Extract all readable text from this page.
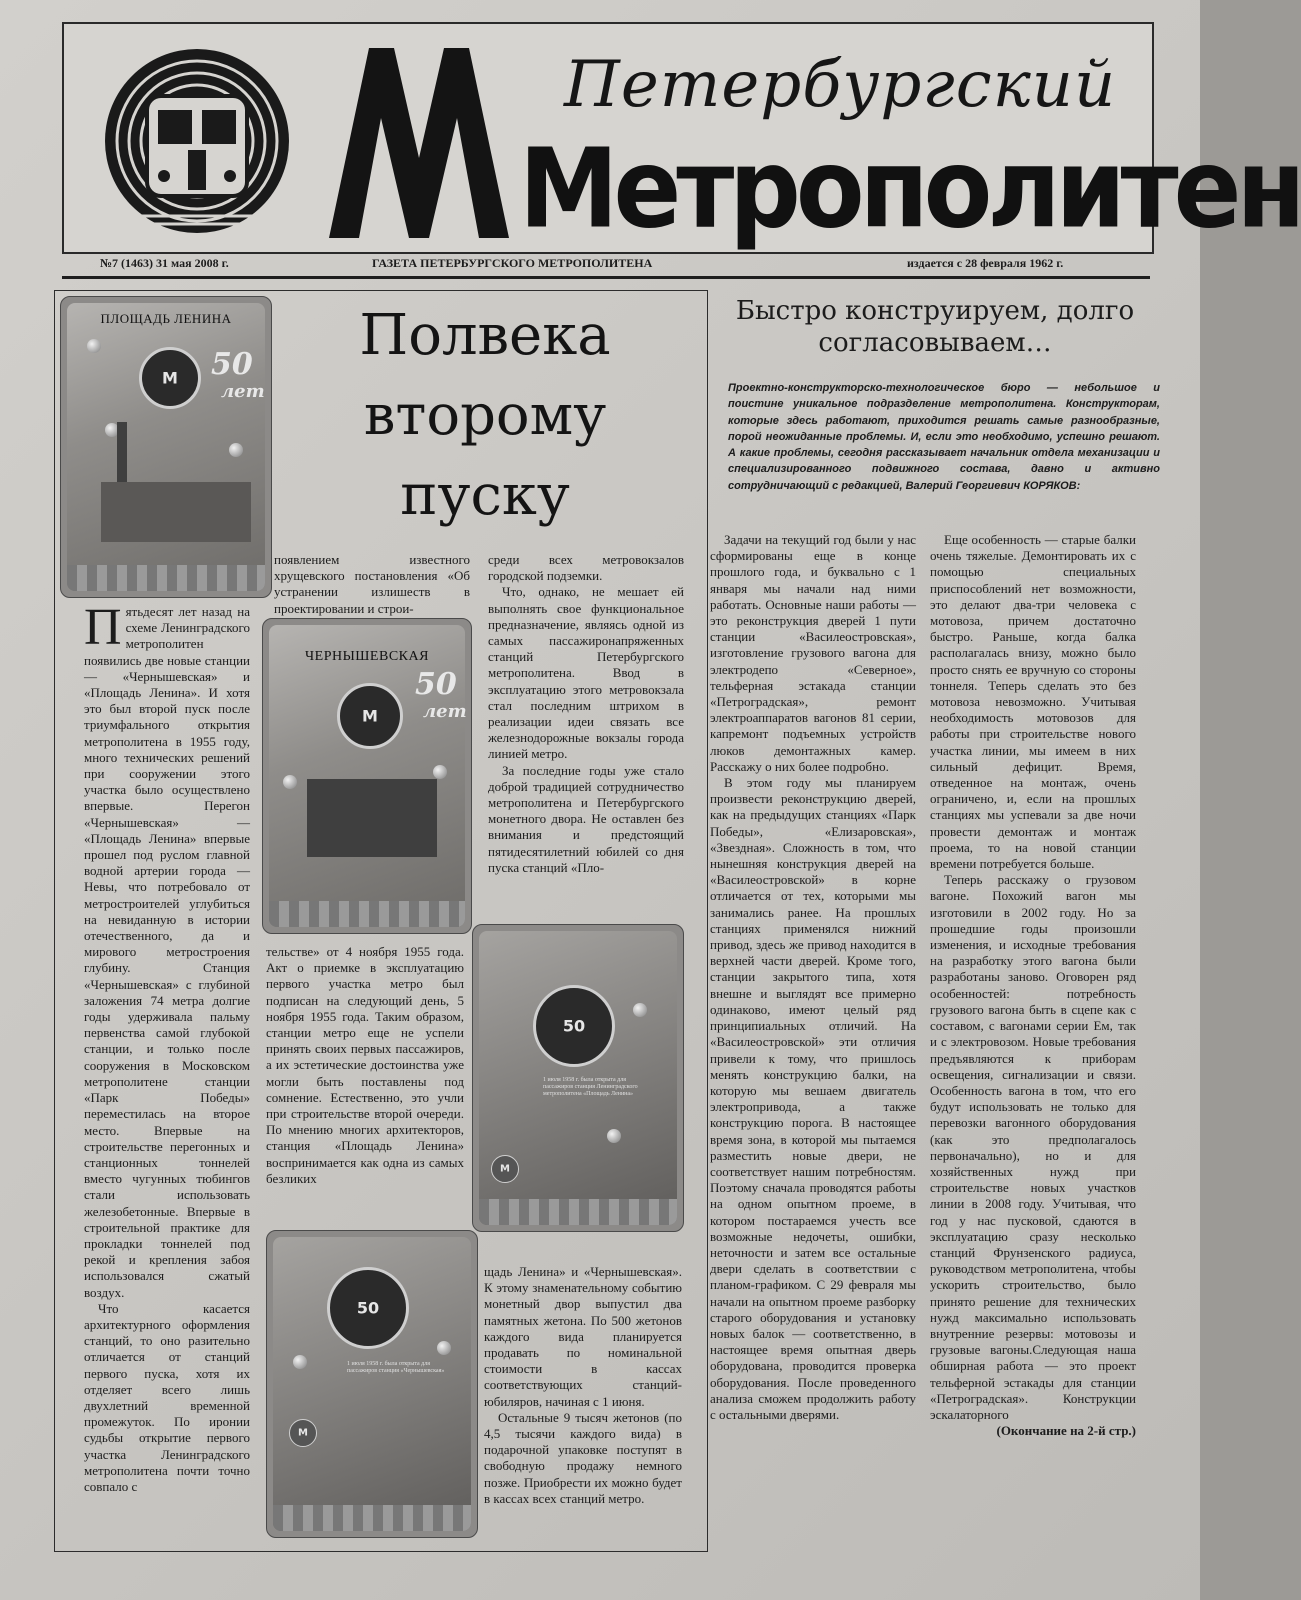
Петербургский
Метрополитен
№7 (1463) 31 мая 2008 г.	ГАЗЕТА ПЕТЕРБУРГСКОГО МЕТРОПОЛИТЕНА	издается с 28 февраля 1962 г.
Полвека второму пуску
ПЛОЩАДЬ ЛЕНИНА
М	50
лет
ЧЕРНЫШЕВСКАЯ
М
50
лет
50
1 июля 1958 г. была открыта для пассажиров станция Ленинградского метрополитена «Площадь Ленина»
М
50
1 июля 1958 г. была открыта для пассажиров станция «Чернышевская»
М

Пятьдесят лет назад на схеме Ленинградского метрополитен появились две новые станции — «Чернышевская» и «Площадь Ленина». И хотя это был второй пуск после триумфального открытия метрополитена в 1955 году, много технических решений при сооружении этого участка было осуществлено впервые. Перегон «Чернышевская» — «Площадь Ленина» впервые прошел под руслом главной водной артерии города — Невы, что потребовало от метростроителей углубиться на невиданную в истории отечественного, да и мирового метростроения глубину. Станция «Чернышевская» с глубиной заложения 74 метра долгие годы удерживала пальму первенства самой глубокой станции, и только после сооружения в Московском метрополитене станции «Парк Победы» переместилась на второе место. Впервые на строительстве перегонных и станционных тоннелей вместо чугунных тюбингов стали использовать железобетонные. Впервые в строительной практике для прокладки тоннелей под рекой и крепления забоя использовался сжатый воздух.

Что касается архитектурного оформления станций, то оно разительно отличается от станций первого пуска, хотя их отделяет всего лишь двухлетний временной промежуток. По иронии судьбы открытие первого участка Ленинградского метрополитена почти точно совпало с

появлением известного хрущевского постановления «Об устранении излишеств в проектировании и строи-

тельстве» от 4 ноября 1955 года. Акт о приемке в эксплуатацию первого участка метро был подписан на следующий день, 5 ноября 1955 года. Таким образом, станции метро еще не успели принять своих первых пассажиров, а их эстетические достоинства уже могли быть поставлены под сомнение. Естественно, это учли при строительстве второй очереди. По мнению многих архитекторов, станция «Площадь Ленина» воспринимается как одна из самых безликих

среди всех метровокзалов городской подземки.

Что, однако, не мешает ей выполнять свое функциональное предназначение, являясь одной из самых пассажиронапряженных станций Петербургского метрополитена. Ввод в эксплуатацию этого метровокзала стал последним штрихом в реализации идеи связать все железнодорожные вокзалы города линией метро.

За последние годы уже стало доброй традицией сотрудничество метрополитена и Петербургского монетного двора. Не оставлен без внимания и предстоящий пятидесятилетний юбилей со дня пуска станций «Пло-

щадь Ленина» и «Чернышевская». К этому знаменательному событию монетный двор выпустил два памятных жетона. По 500 жетонов каждого вида планируется продавать по номинальной стоимости в кассах соответствующих станций-юбиляров, начиная с 1 июня.

Остальные 9 тысяч жетонов (по 4,5 тысячи каждого вида) в подарочной упаковке поступят в свободную продажу немного позже. Приобрести их можно будет в кассах всех станций метро.

Быстро конструируем, долго согласовываем…
Проектно-конструкторско-технологическое бюро — небольшое и поистине уникальное подразделение метрополитена. Конструкторам, которые здесь работают, приходится решать самые разнообразные, порой неожиданные проблемы. И, если это необходимо, успешно решают. А какие проблемы, сегодня рассказывает начальник отдела механизации и специализированного подвижного состава, давно и активно сотрудничающий с редакцией, Валерий Георгиевич КОРЯКОВ:

Задачи на текущий год были у нас сформированы еще в конце прошлого года, и буквально с 1 января мы начали над ними работать. Основные наши работы — это реконструкция дверей 1 пути станции «Василеостровская», изготовление грузового вагона для электродепо «Северное», тельферная эстакада станции «Петроградская», ремонт электроаппаратов вагонов 81 серии, капремонт подъемных устройств люков демонтажных камер. Расскажу о них более подробно.

В этом году мы планируем произвести реконструкцию дверей, как на предыдущих станциях «Парк Победы», «Елизаровская», «Звездная». Сложность в том, что нынешняя конструкция дверей на «Василеостровской» в корне отличается от тех, которыми мы занимались ранее. На прошлых станциях применялся нижний привод, здесь же привод находится в верхней части дверей. Кроме того, станции закрытого типа, хотя внешне и выглядят все примерно одинаково, имеют целый ряд принципиальных отличий. На «Василеостровской» эти отличия привели к тому, что пришлось менять конструкцию балки, на которую мы вешаем двигатель электропривода, а также конструкцию порога. В настоящее время зона, в которой мы пытаемся разместить новые двери, не соответствует нашим потребностям. Поэтому сначала проводятся работы на одном опытном проеме, в котором постараемся учесть все возможные недочеты, ошибки, неточности и затем все остальные двери сделать в соответствии с планом-графиком. С 29 февраля мы начали на опытном проеме разборку старого оборудования и установку новых балок — соответственно, в настоящее время опытная дверь оборудована, проводится проверка оборудования. После проведенного анализа сможем продолжить работу с остальными дверями.

Еще особенность — старые балки очень тяжелые. Демонтировать их с помощью специальных приспособлений нет возможности, это делают два-три человека с мотовоза, причем достаточно быстро. Раньше, когда балка располагалась внизу, можно было просто снять ее вручную со стороны тоннеля. Теперь сделать это без мотовоза невозможно. Учитывая необходимость мотовозов для работы при строительстве нового участка линии, мы имеем в них сильный дефицит. Время, отведенное на монтаж, очень ограничено, и, если на прошлых станциях мы успевали за две ночи провести демонтаж и монтаж проема, то на новой станции времени потребуется больше.

Теперь расскажу о грузовом вагоне. Похожий вагон мы изготовили в 2002 году. Но за прошедшие годы произошли изменения, и исходные требования на разработку этого вагона были разработаны заново. Оговорен ряд особенностей: потребность грузового вагона быть в сцепе как с составом, с вагонами серии Ем, так и с электровозом. Новые требования предъявляются к приборам освещения, сигнализации и связи. Особенность вагона в том, что его будут использовать не только для перевозки вагонного оборудования (как это предполагалось первоначально), но и для хозяйственных нужд при строительстве новых участков линии в 2008 году. Учитывая, что год у нас пусковой, сдаются в эксплуатацию сразу несколько станций Фрунзенского радиуса, руководством метрополитена, чтобы ускорить строительство, было принято решение для технических нужд максимально использовать внутренние резервы: мотовозы и грузовые вагоны.Следующая наша обширная работа — это проект тельферной эстакады для станции «Петроградская». Конструкции эскалаторного

(Окончание на 2-й стр.)
